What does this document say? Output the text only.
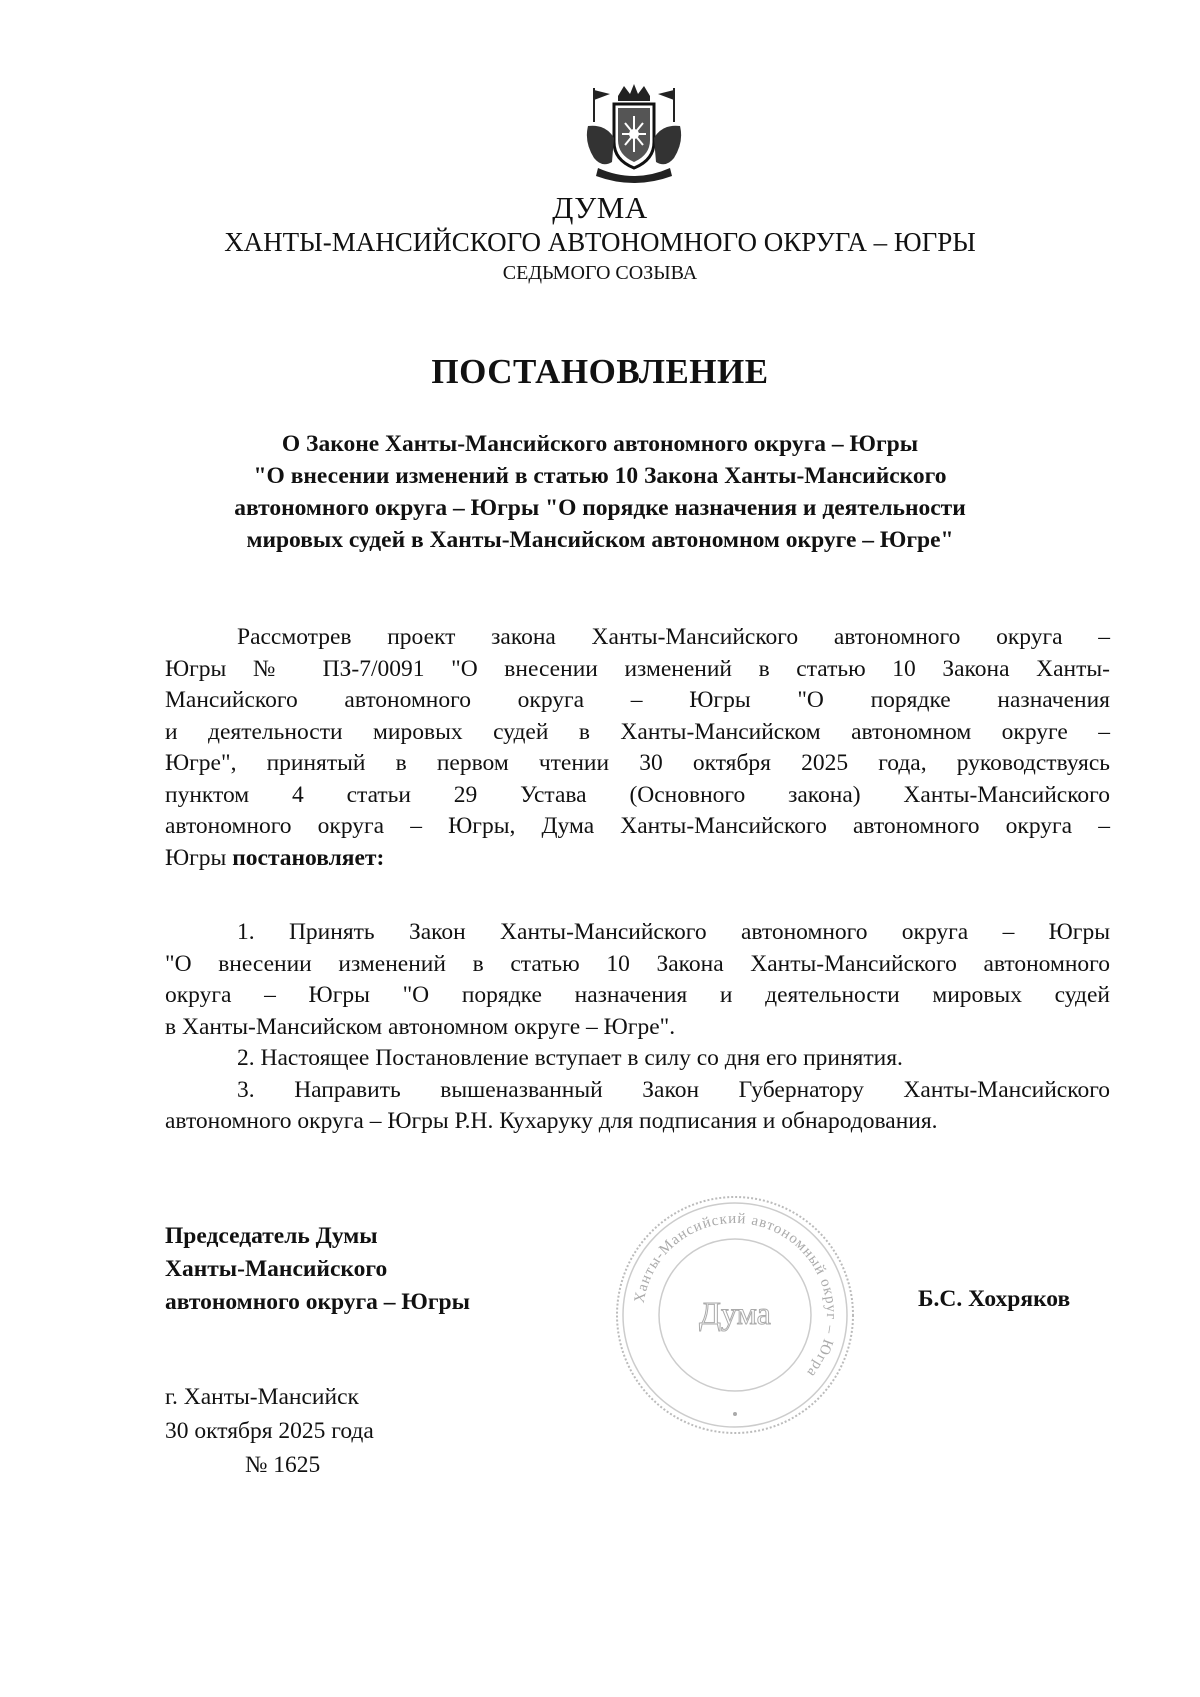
ДУМА
ХАНТЫ-МАНСИЙСКОГО АВТОНОМНОГО ОКРУГА – ЮГРЫ
СЕДЬМОГО СОЗЫВА
ПОСТАНОВЛЕНИЕ
О Законе Ханты-Мансийского автономного округа – Югры
"О внесении изменений в статью 10 Закона Ханты-Мансийского
автономного округа – Югры "О порядке назначения и деятельности
мировых судей в Ханты-Мансийском автономном округе – Югре"
Рассмотрев проект закона Ханты-Мансийского автономного округа –
Югры № ПЗ-7/0091 "О внесении изменений в статью 10 Закона Ханты-
Мансийского автономного округа – Югры "О порядке назначения
и деятельности мировых судей в Ханты-Мансийском автономном округе –
Югре", принятый в первом чтении 30 октября 2025 года, руководствуясь
пунктом 4 статьи 29 Устава (Основного закона) Ханты-Мансийского
автономного округа – Югры, Дума Ханты-Мансийского автономного округа –
Югры постановляет:
1. Принять Закон Ханты-Мансийского автономного округа – Югры
"О внесении изменений в статью 10 Закона Ханты-Мансийского автономного
округа – Югры "О порядке назначения и деятельности мировых судей
в Ханты-Мансийском автономном округе – Югре".
2. Настоящее Постановление вступает в силу со дня его принятия.
3. Направить вышеназванный Закон Губернатору Ханты-Мансийского
автономного округа – Югры Р.Н. Кухаруку для подписания и обнародования.
Председатель Думы
Ханты-Мансийского
автономного округа – Югры	Ханты-Мансийский автономный округ – Югра
Дума	Б.С. Хохряков
г. Ханты-Мансийск
30 октября 2025 года
№ 1625
